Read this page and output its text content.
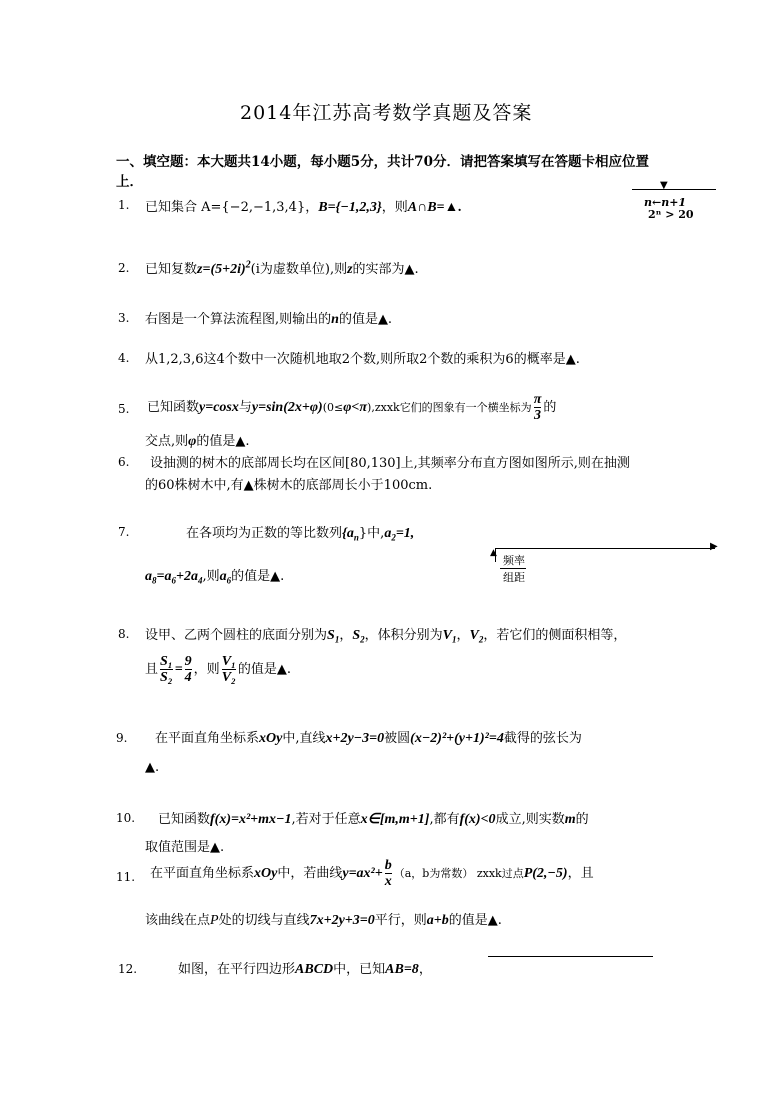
2014年江苏高考数学真题及答案
一、填空题：本大题共14小题，每小题5分，共计70分．请把答案填写在答题卡相应位置
上．	▼
n←n+1
2ⁿ > 20
1. 已知集合 A={−2,−1,3,4}，B={−1,2,3}，则A∩B=▲.
2. 已知复数$z=(5+2i)^2(i$为虚数单位),则z的实部为▲.
3. 右图是一个算法流程图,则输出的n的值是▲.
4. 从1,2,3,6这4个数中一次随机地取2个数,则所取2个数的乘积为6的概率是▲.
5. 已知函数y=cosx与y=sin(2x+φ)(0≤φ<π),zxxk它们的图象有一个横坐标为 $\frac{\pi}{3}$ 的
交点,则φ的值是▲.
6. 设抽测的树木的底部周长均在区间[80,130]上,其频率分布直方图如图所示,则在抽测
的60株树木中,有▲株树木的底部周长小于100cm.
7.	在各项均为正数的等比数列$\{a_n\}$中$,a_2=1$,
$a_8=a_6+2a_4$,则$a_6$的值是▲.
▶
▲
频率
组距
8. 设甲、乙两个圆柱的底面分别为$S_1$，$S_2$，体积分别为$V_1$，$V_2$，若它们的侧面积相等，
且 $\frac{\text{S₁}}{\text{S₂}} = \frac{9}{4}$ ，则 $\frac{\text{V₁}}{\text{V₂}}$ 的值是▲.
9. 在平面直角坐标系xOy中,直线x+2y−3=0被圆(x−2)²+(y+1)²=4截得的弦长为
▲.
10. 已知函数f(x)=x²+mx−1,若对于任意x∈[m,m+1],都有f(x)<0成立,则实数m的
取值范围是▲.
11. 在平面直角坐标系xOy中，若曲线$y=ax^2+ \frac{b}{x} (a$，b为常数） zxxk过点P(2,−5)，且
该曲线在点P处的切线与直线7x+2y+3=0平行，则a+b的值是▲.
12.	如图，在平行四边形ABCD中，已知AB=8，
